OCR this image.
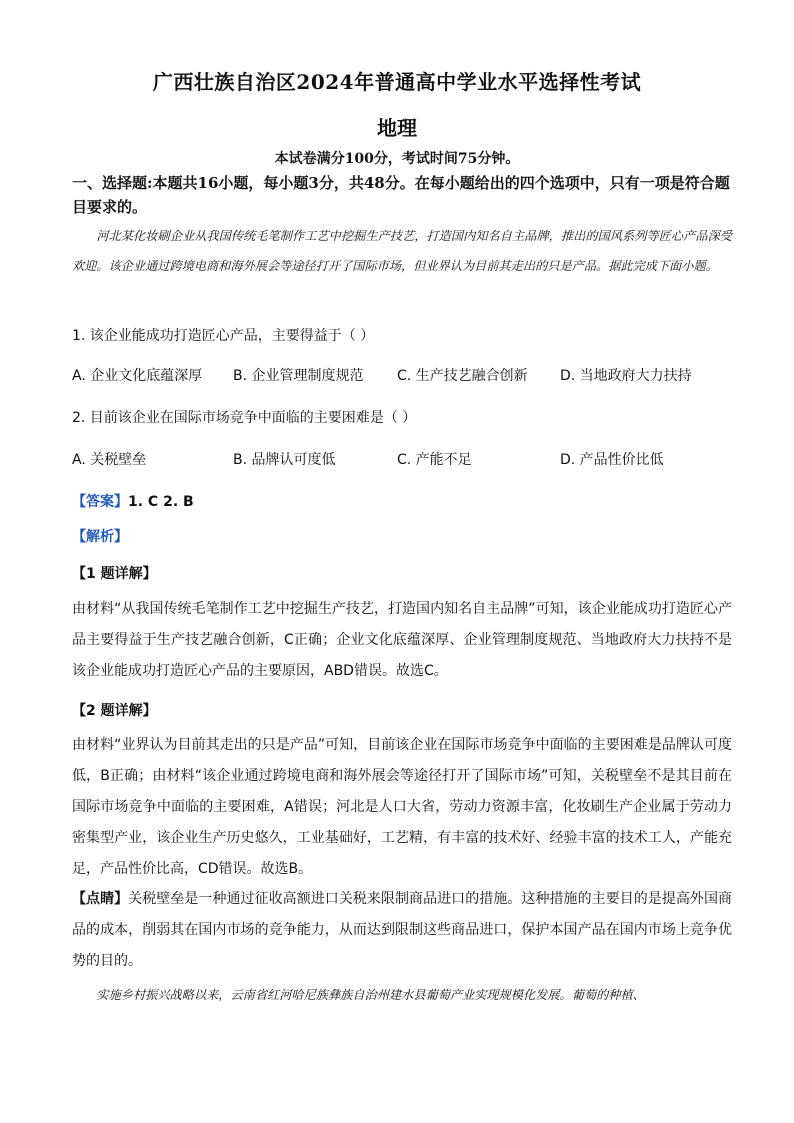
广西壮族自治区2024年普通高中学业水平选择性考试
地理
本试卷满分100分，考试时间75分钟。
一、选择题:本题共16小题，每小题3分，共48分。在每小题给出的四个选项中，只有一项是符合题目要求的。
河北某化妆刷企业从我国传统毛笔制作工艺中挖掘生产技艺，打造国内知名自主品牌，推出的国风系列等匠心产品深受欢迎。该企业通过跨境电商和海外展会等途径打开了国际市场，但业界认为目前其走出的只是产品。据此完成下面小题。
1. 该企业能成功打造匠心产品，主要得益于（ ）
A. 企业文化底蕴深厚 B. 企业管理制度规范 C. 生产技艺融合创新 D. 当地政府大力扶持
2. 目前该企业在国际市场竞争中面临的主要困难是（ ）
A. 关税壁垒	B. 品牌认可度低	C. 产能不足	D. 产品性价比低
【答案】1. C 2. B
【解析】
【1 题详解】
由材料“从我国传统毛笔制作工艺中挖掘生产技艺，打造国内知名自主品牌”可知，该企业能成功打造匠心产品主要得益于生产技艺融合创新，C正确；企业文化底蕴深厚、企业管理制度规范、当地政府大力扶持不是该企业能成功打造匠心产品的主要原因，ABD错误。故选C。
【2 题详解】
由材料“业界认为目前其走出的只是产品”可知，目前该企业在国际市场竞争中面临的主要困难是品牌认可度低，B正确；由材料“该企业通过跨境电商和海外展会等途径打开了国际市场”可知，关税壁垒不是其目前在国际市场竞争中面临的主要困难，A错误；河北是人口大省，劳动力资源丰富，化妆刷生产企业属于劳动力密集型产业，该企业生产历史悠久，工业基础好，工艺精，有丰富的技术好、经验丰富的技术工人，产能充足，产品性价比高，CD错误。故选B。
【点睛】关税壁垒是一种通过征收高额进口关税来限制商品进口的措施。这种措施的主要目的是提高外国商品的成本，削弱其在国内市场的竞争能力，从而达到限制这些商品进口，保护本国产品在国内市场上竞争优势的目的。
实施乡村振兴战略以来，云南省红河哈尼族彝族自治州建水县葡萄产业实现规模化发展。葡萄的种植、
